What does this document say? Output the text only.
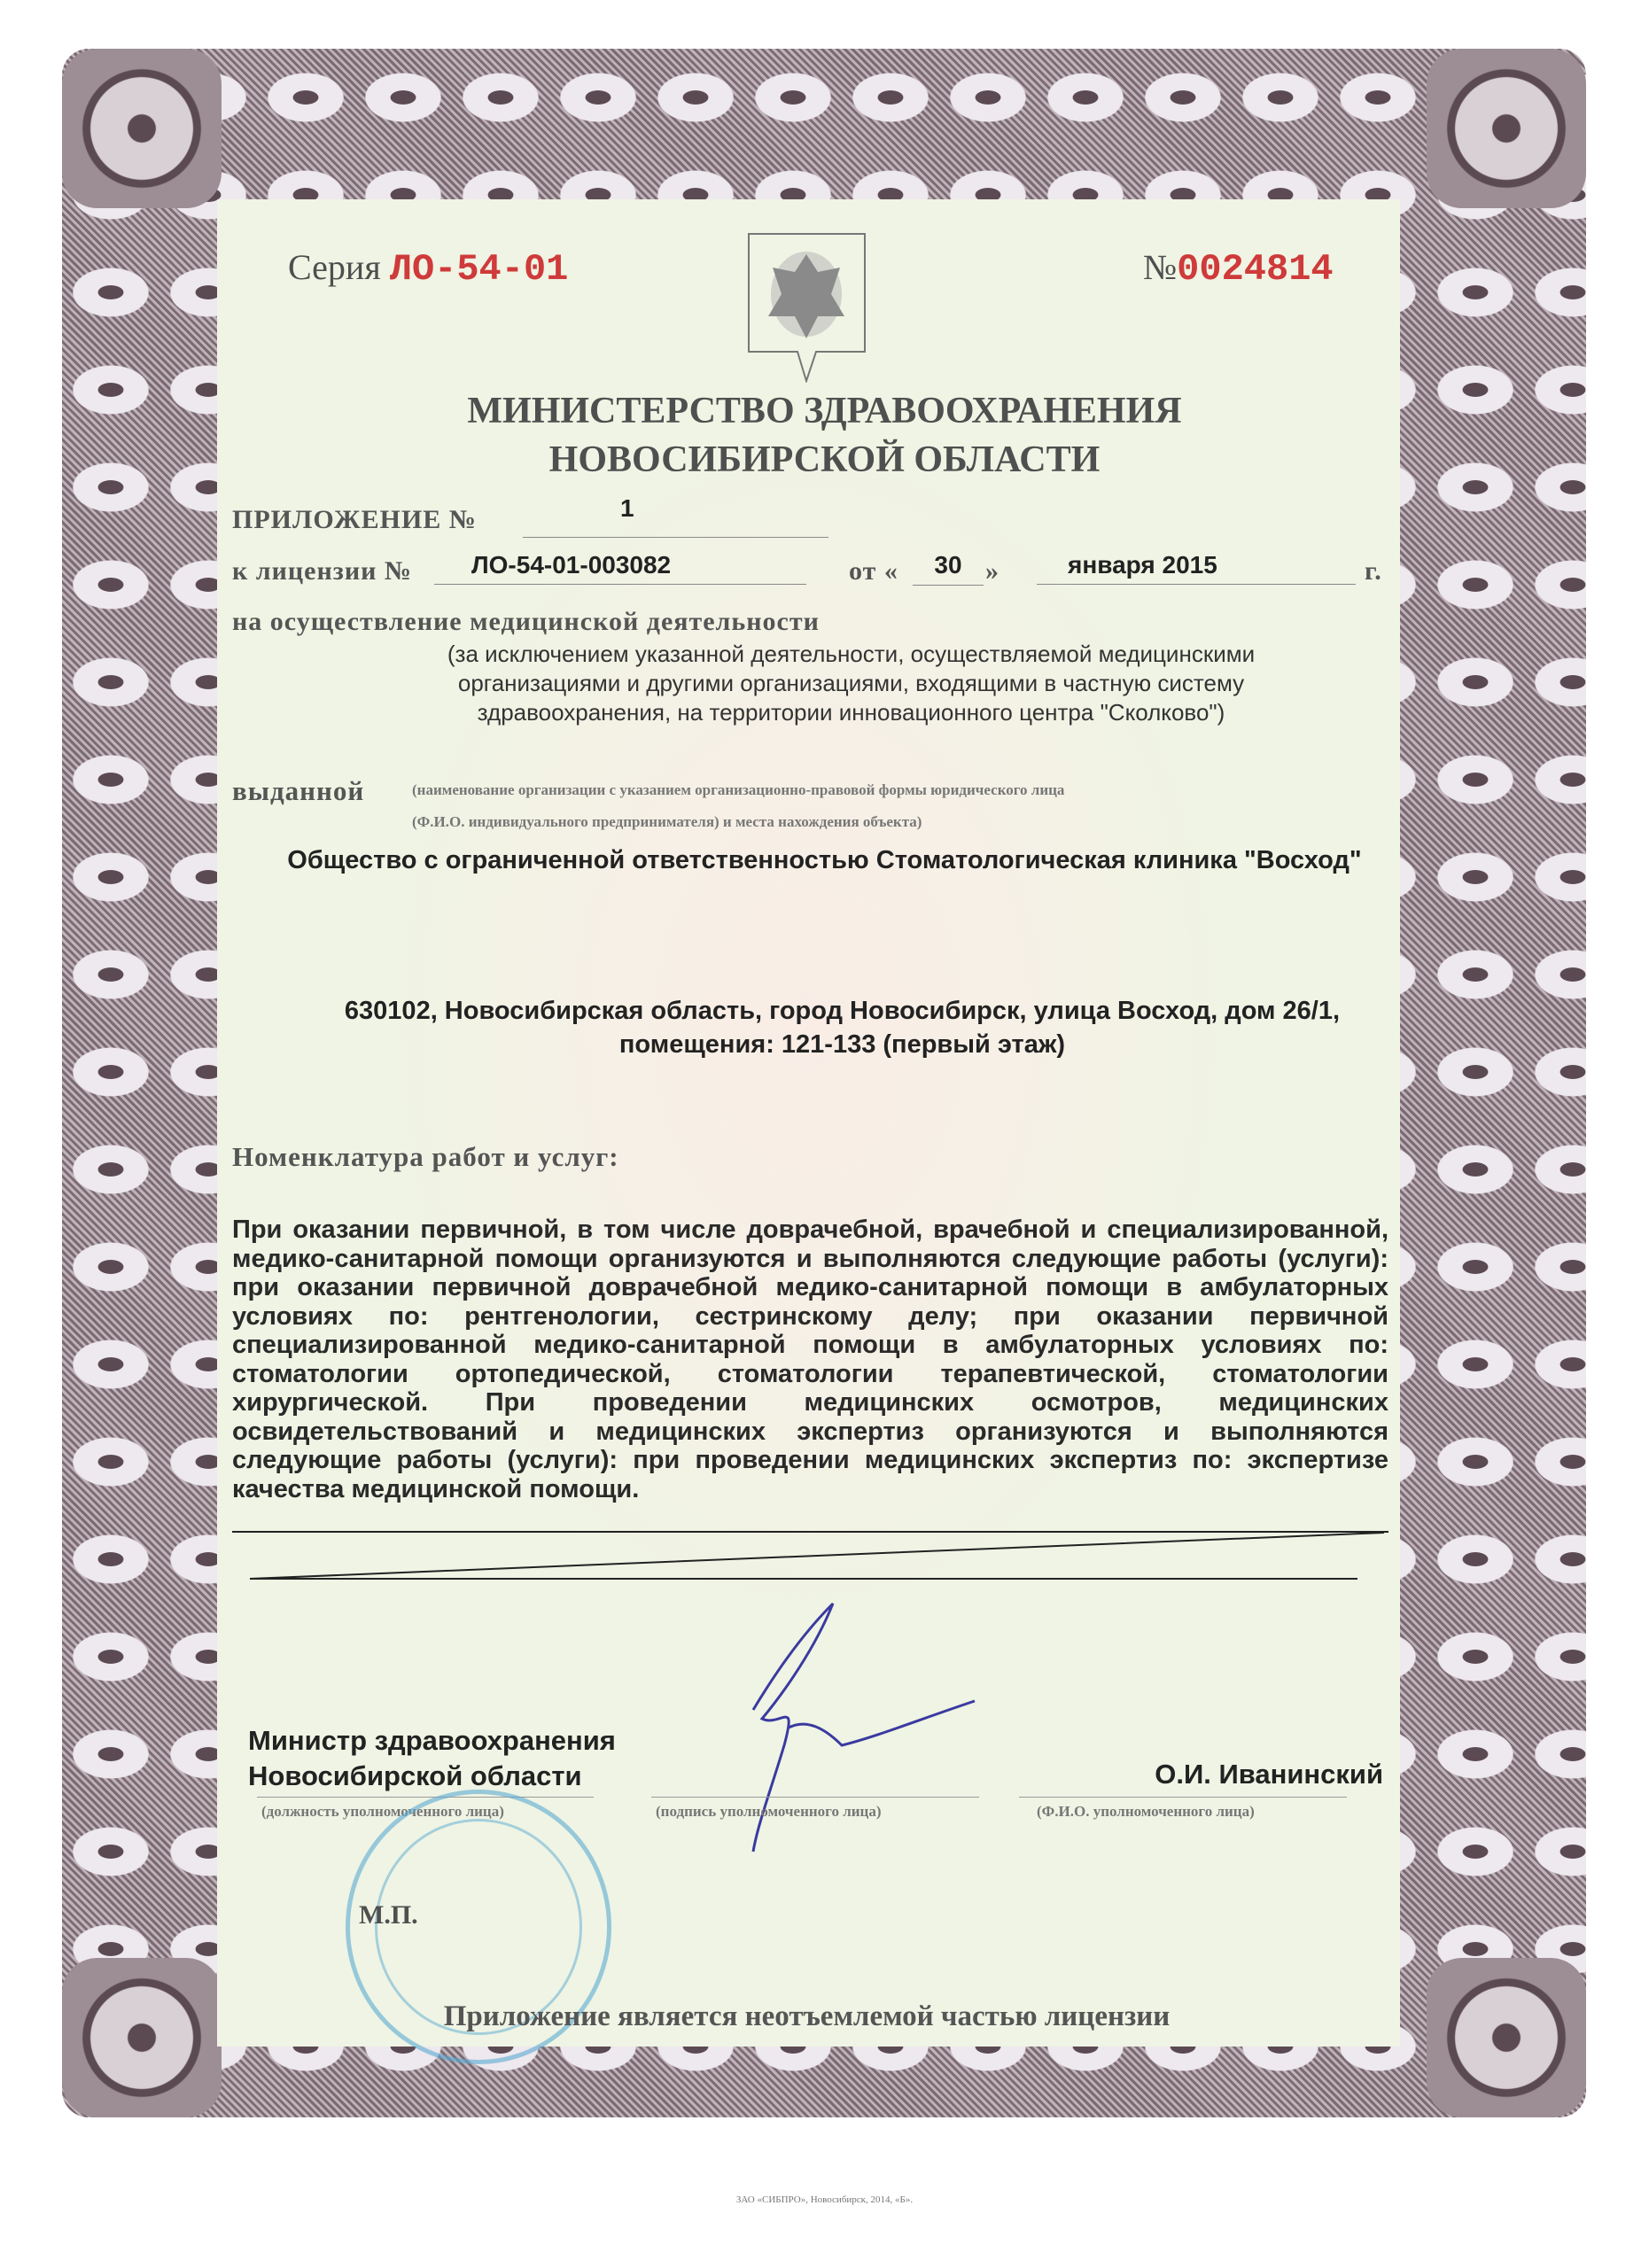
Серия ЛО-54-01	№0024814
МИНИСТЕРСТВО ЗДРАВООХРАНЕНИЯ
НОВОСИБИРСКОЙ ОБЛАСТИ
ПРИЛОЖЕНИЕ №	1
к лицензии №	ЛО-54-01-003082	от «	30 »	января 2015	г.
на осуществление медицинской деятельности
(за исключением указанной деятельности, осуществляемой медицинскими
организациями и другими организациями, входящими в частную систему
здравоохранения, на территории инновационного центра "Сколково")
выданной	(наименование организации с указанием организационно-правовой формы юридического лица
(Ф.И.О. индивидуального предпринимателя) и места нахождения объекта)
Общество с ограниченной ответственностью Стоматологическая клиника "Восход"
630102, Новосибирская область, город Новосибирск, улица Восход, дом 26/1,
помещения: 121-133 (первый этаж)
Номенклатура работ и услуг:
При оказании первичной, в том числе доврачебной, врачебной и специализированной, медико-санитарной помощи организуются и выполняются следующие работы (услуги): при оказании первичной доврачебной медико-санитарной помощи в амбулаторных условиях по: рентгенологии, сестринскому делу; при оказании первичной специализированной медико-санитарной помощи в амбулаторных условиях по: стоматологии ортопедической, стоматологии терапевтической, стоматологии хирургической. При проведении медицинских осмотров, медицинских освидетельствований и медицинских экспертиз организуются и выполняются следующие работы (услуги): при проведении медицинских экспертиз по: экспертизе качества медицинской помощи.
Министр здравоохранения
Новосибирской области	О.И. Иванинский
(должность уполномоченного лица)	(подпись уполномоченного лица)	(Ф.И.О. уполномоченного лица)
М.П.
Приложение является неотъемлемой частью лицензии
ЗАО «СИБПРО», Новосибирск, 2014, «Б».
